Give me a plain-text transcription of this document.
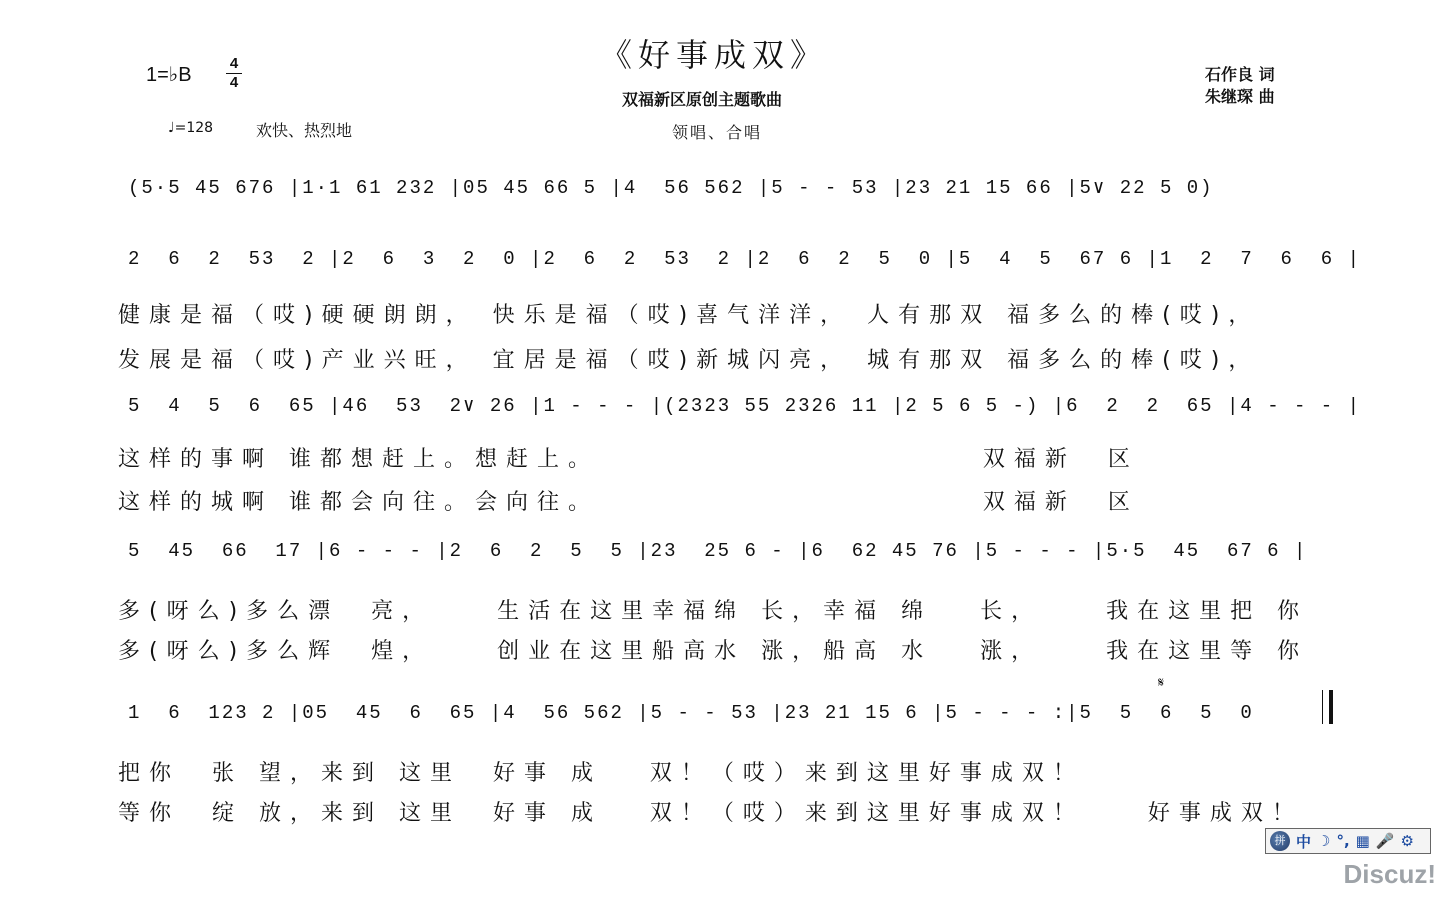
《好事成双》
双福新区原创主题歌曲
领唱、合唱
1=♭B
4
4
♩=128	欢快、热烈地
石作良 词
朱继琛 曲
(5·5 45 676 |1·1 61 232 |05 45 66 5 |4  56 562 |5 - - 53 |23 21 15 66 |5∨ 22 5 0)
2  6  2  53  2 |2  6  3  2  0 |2  6  2  53  2 |2  6  2  5  0 |5  4  5  67 6 |1  2  7  6  6 |
健康是福（哎)硬硬朗朗， 快乐是福（哎)喜气洋洋， 人有那双 福多么的棒(哎)，
发展是福（哎)产业兴旺， 宜居是福（哎)新城闪亮， 城有那双 福多么的棒(哎)，
5  4  5  6  65 |46  53  2∨ 26 |1 - - - |(2323 55 2326 11 |2 5 6 5 -) |6  2  2  65 |4 - - - |
这样的事啊 谁都想赶上。想赶上。                        双福新  区
这样的城啊 谁都会向往。会向往。                        双福新  区
5  45  66  17 |6 - - - |2  6  2  5  5 |23  25 6 - |6  62 45 76 |5 - - - |5·5  45  67 6 |
多(呀么)多么漂  亮，    生活在这里幸福绵 长，幸福 绵   长，    我在这里把 你
多(呀么)多么辉  煌，    创业在这里船高水 涨，船高 水   涨，    我在这里等 你
𝄋
1  6  123 2 |05  45  6  65 |4  56 562 |5 - - 53 |23 21 15 6 |5 - - - :|5  5  6  5  0
把你  张 望，来到 这里  好事 成   双！（哎）来到这里好事成双！
等你  绽 放，来到 这里  好事 成   双！（哎）来到这里好事成双！    好事成双！
拼 中 ☽ °, ▦ 🎤 ⚙
Discuz!
